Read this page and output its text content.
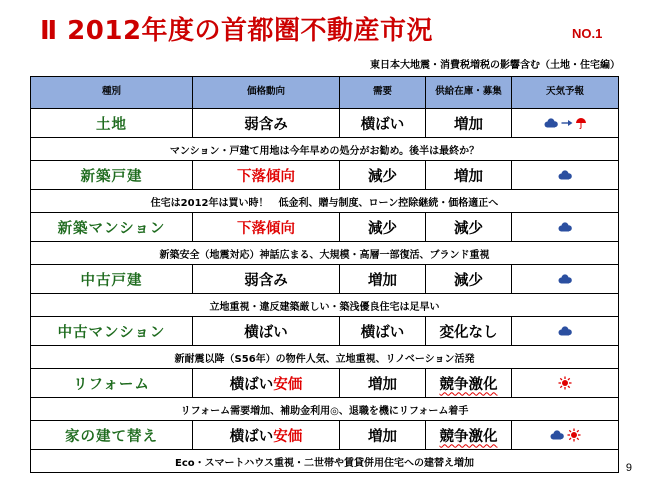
Ⅱ 2012年度の首都圏不動産市況	NO.1
東日本大地震・消費税増税の影響含む（土地・住宅編）
種別	価格動向	需要	供給 在庫・募集	天気予報
土地	弱含み	横ばい	増加
マンション・戸建て用地は今年早めの処分がお勧め。後半は最終か？
新築戸建	下落傾向	減少	増加
住宅は2012年は買い時！　低金利、贈与制度、ローン控除継続・価格適正へ
新築マンション	下落傾向	減少	減少
新築安全（地震対応）神話広まる、大規模・高層一部復活、ブランド重視
中古戸建	弱含み	増加	減少
立地重視・違反建築厳しい・築浅優良住宅は足早い
中古マンション	横ばい	横ばい	変化なし
新耐震以降（S56年）の物件人気、立地重視、リノベーション活発
リフォーム	横ばい 安価	増加	競争激化
リフォーム需要増加、補助金利用◎、退職を機にリフォーム着手
家の建て替え	横ばい 安価	増加	競争激化
Eco・スマートハウス重視・二世帯や賃貸併用住宅への建替え増加	9
